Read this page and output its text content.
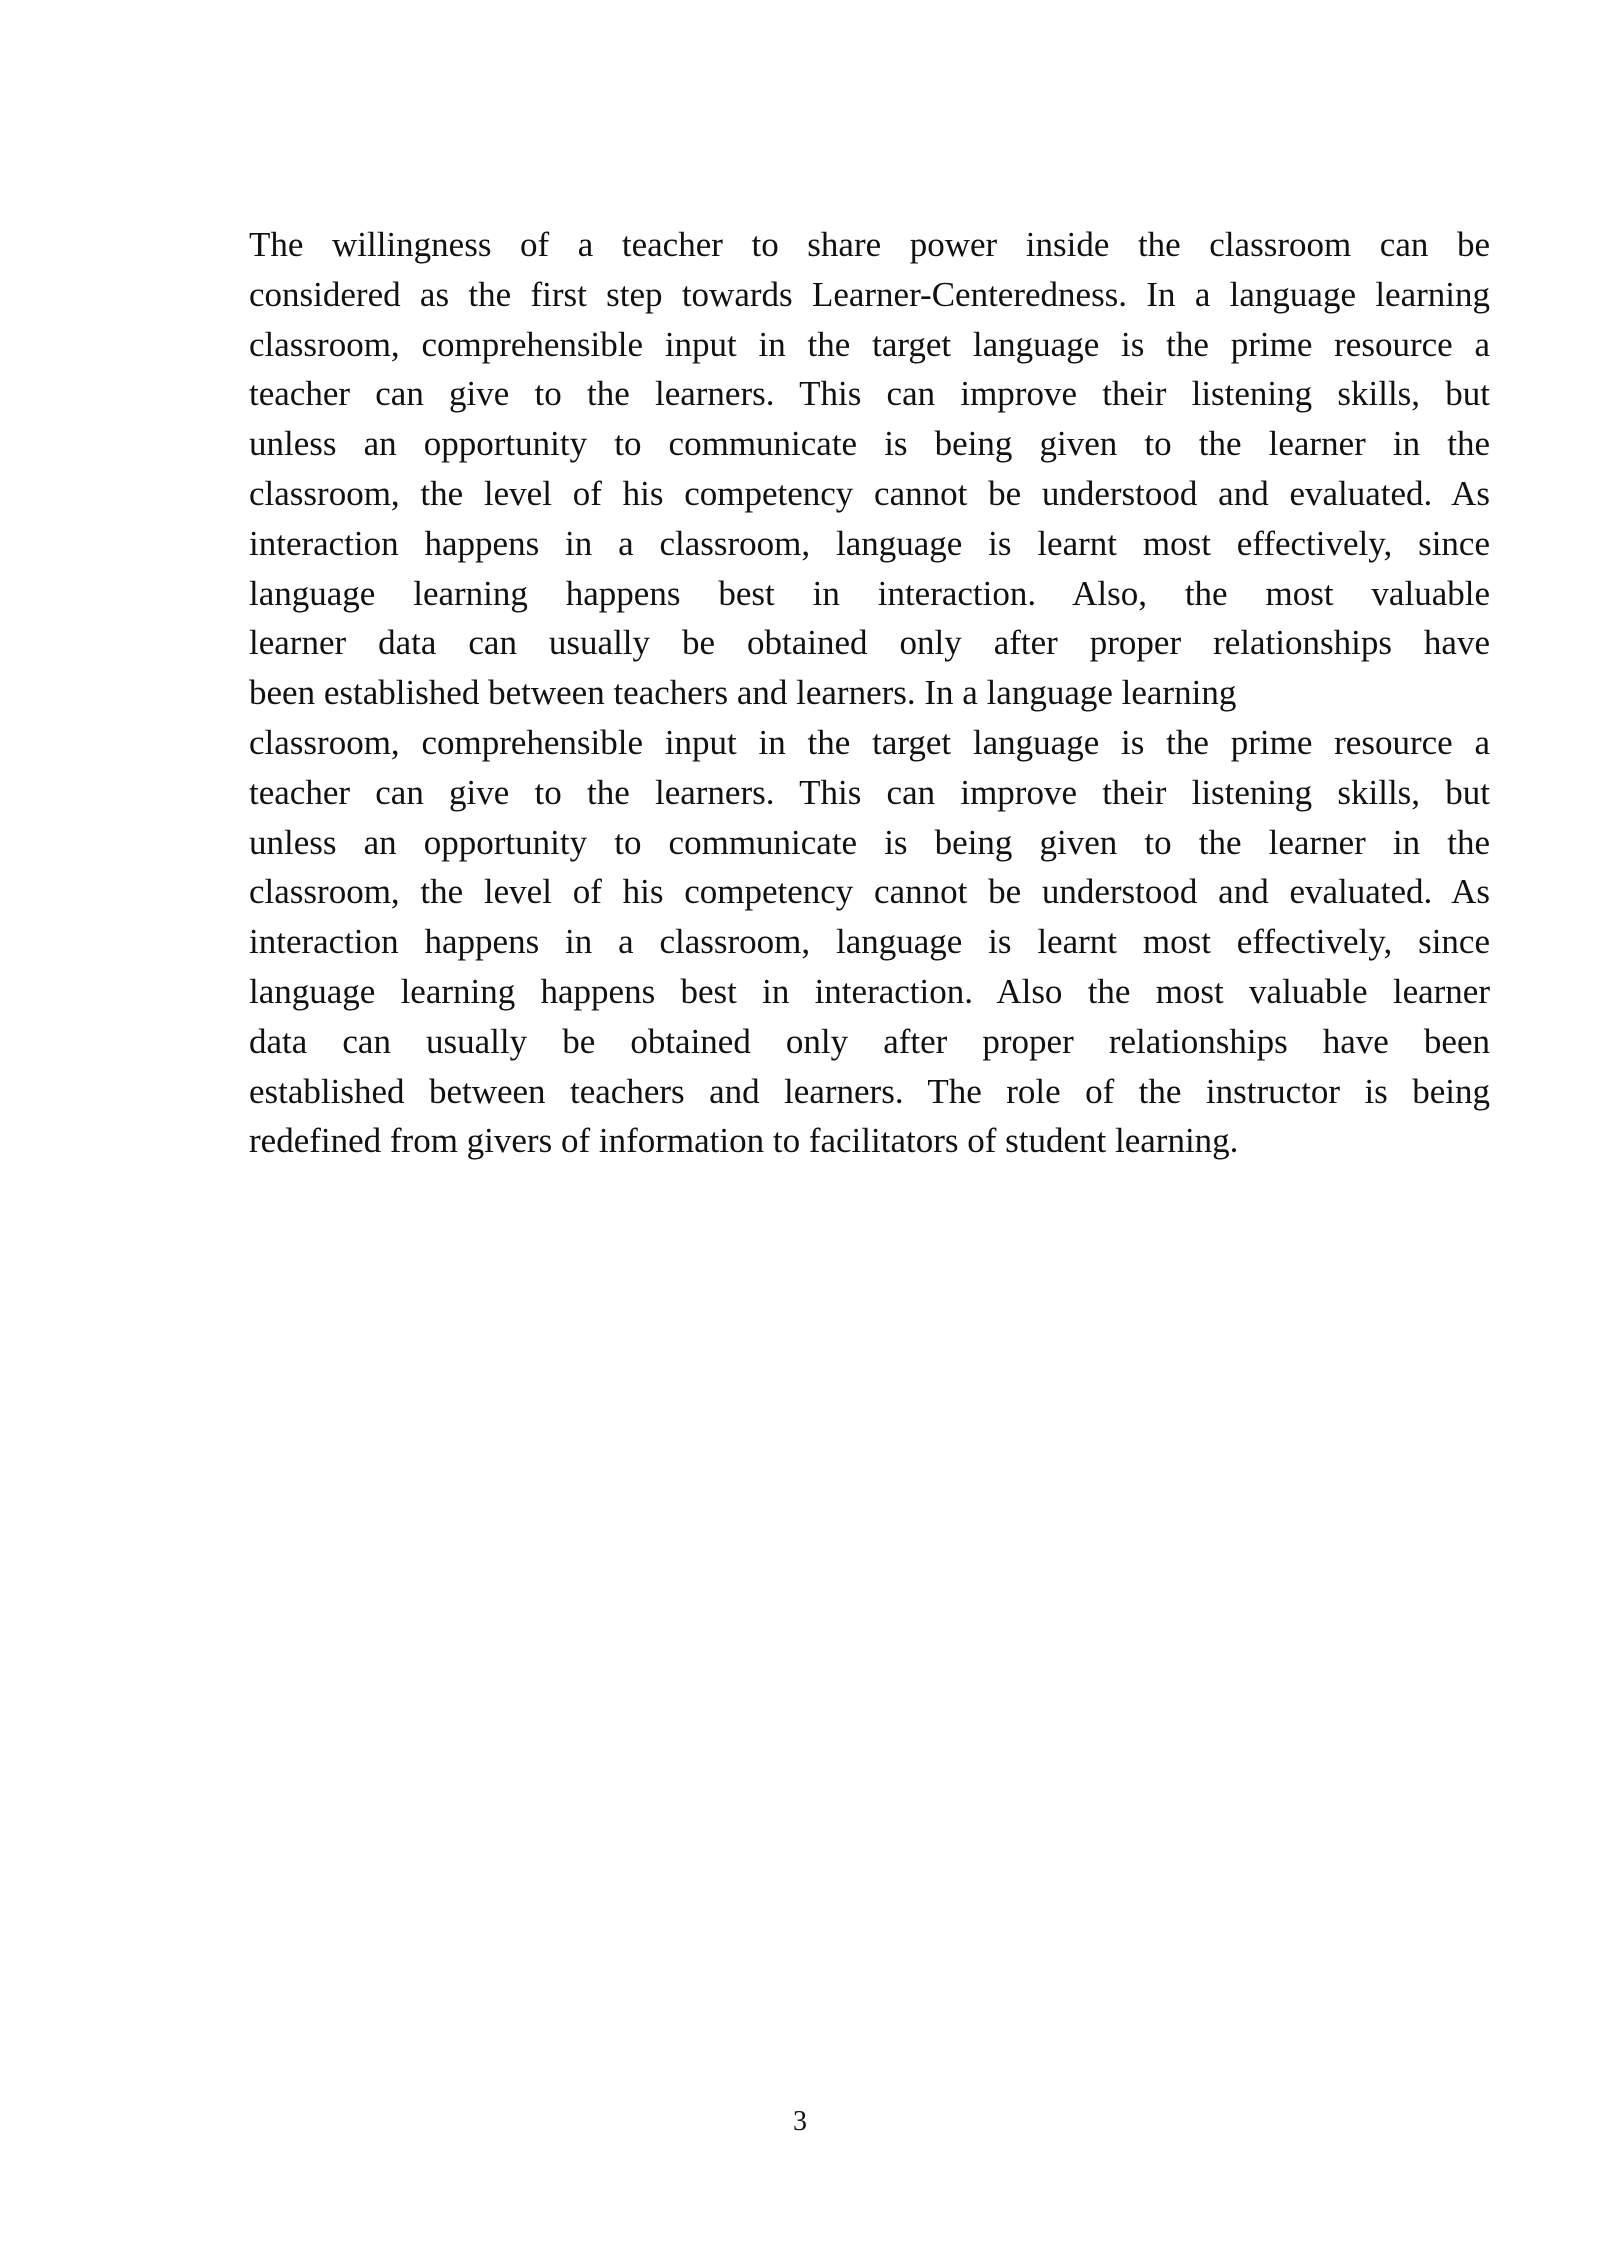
The willingness of a teacher to share power inside the classroom can be
considered as the first step towards Learner-Centeredness. In a language learning
classroom, comprehensible input in the target language is the prime resource a
teacher can give to the learners. This can improve their listening skills, but
unless an opportunity to communicate is being given to the learner in the
classroom, the level of his competency cannot be understood and evaluated. As
interaction happens in a classroom, language is learnt most effectively, since
language learning happens best in interaction. Also, the most valuable
learner data can usually be obtained only after proper relationships have
been established between teachers and learners. In a language learning
classroom, comprehensible input in the target language is the prime resource a
teacher can give to the learners. This can improve their listening skills, but
unless an opportunity to communicate is being given to the learner in the
classroom, the level of his competency cannot be understood and evaluated. As
interaction happens in a classroom, language is learnt most effectively, since
language learning happens best in interaction. Also the most valuable learner
data can usually be obtained only after proper relationships have been
established between teachers and learners. The role of the instructor is being
redefined from givers of information to facilitators of student learning.
3
